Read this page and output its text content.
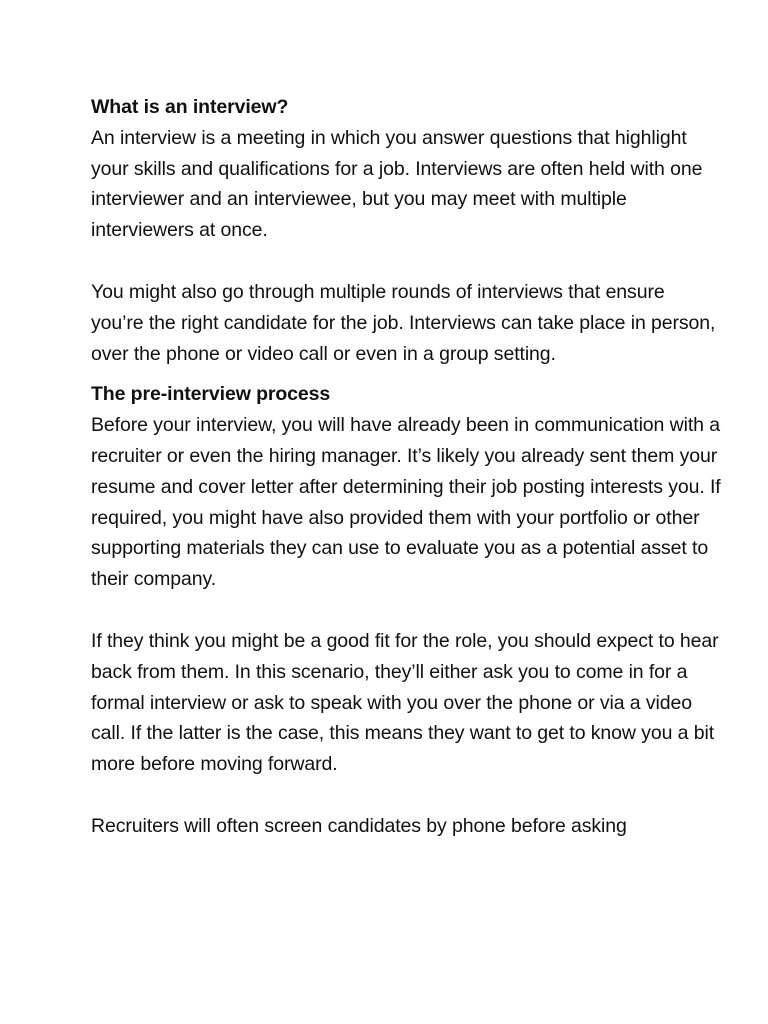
What is an interview?

An interview is a meeting in which you answer questions that highlight your skills and qualifications for a job. Interviews are often held with one interviewer and an interviewee, but you may meet with multiple interviewers at once.

You might also go through multiple rounds of interviews that ensure you’re the right candidate for the job. Interviews can take place in person, over the phone or video call or even in a group setting.

The pre-interview process

Before your interview, you will have already been in communication with a recruiter or even the hiring manager. It’s likely you already sent them your resume and cover letter after determining their job posting interests you. If required, you might have also provided them with your portfolio or other supporting materials they can use to evaluate you as a potential asset to their company.

If they think you might be a good fit for the role, you should expect to hear back from them. In this scenario, they’ll either ask you to come in for a formal interview or ask to speak with you over the phone or via a video call. If the latter is the case, this means they want to get to know you a bit more before moving forward.

Recruiters will often screen candidates by phone before asking
